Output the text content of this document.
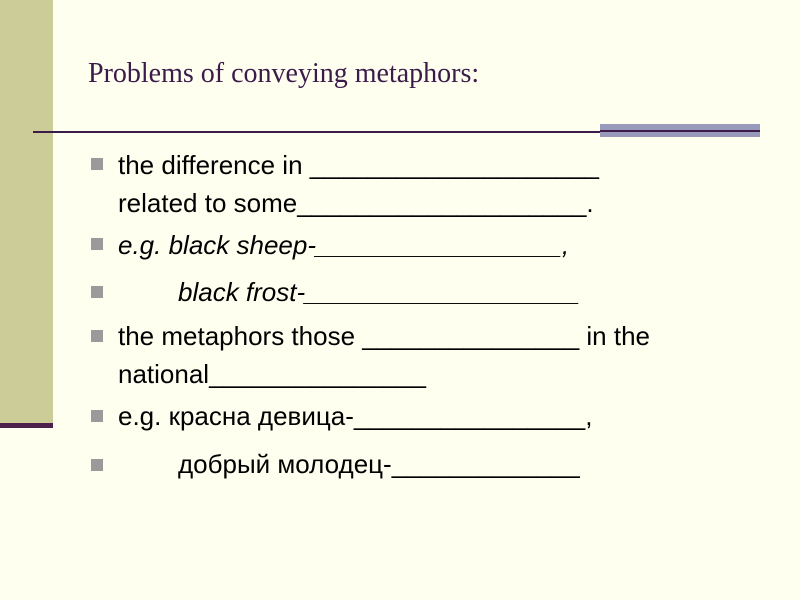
Problems of conveying metaphors:
the difference in ____________________
related to some____________________.
e.g. black sheep-_________________,
black frost-___________________
the metaphors those _______________ in the
national_______________
e.g. красна девица-________________,
добрый молодец-_____________
